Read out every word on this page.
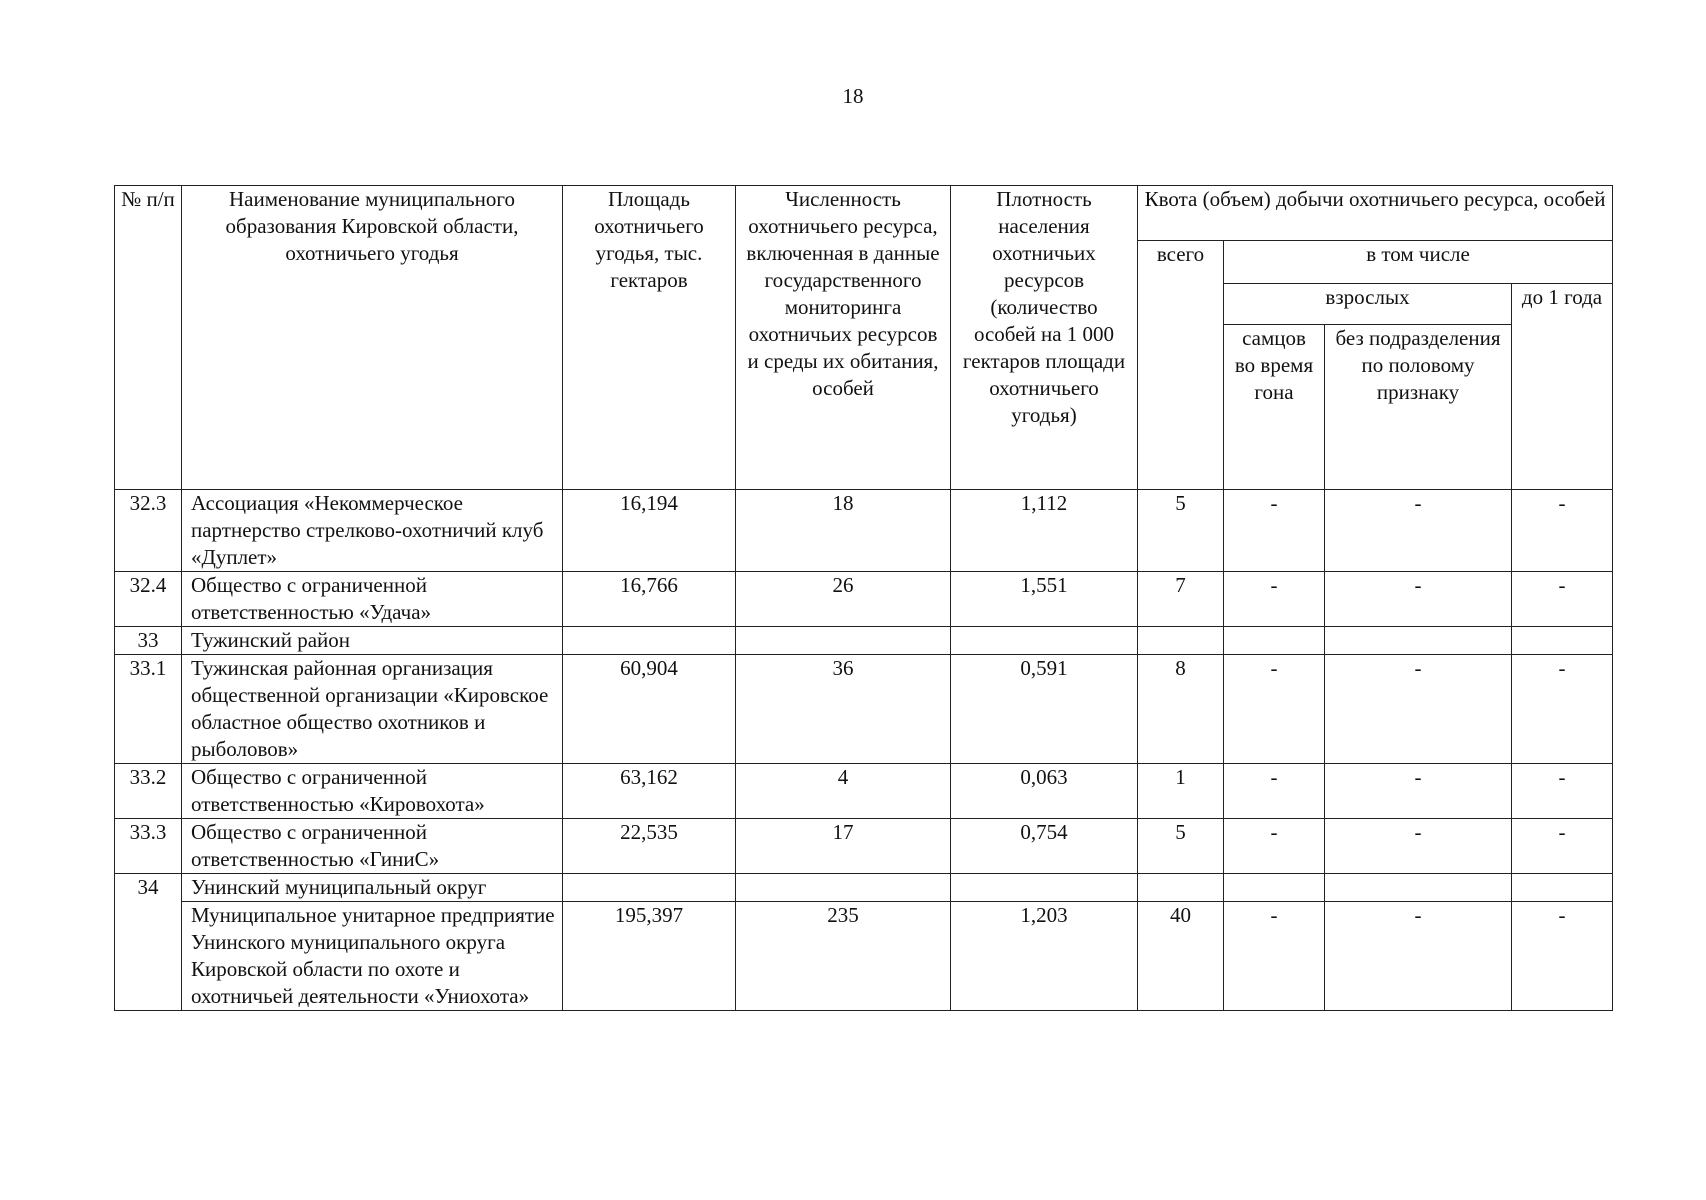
18
№ п/п	Наименование муниципального образования Кировской области, охотничьего угодья	Площадь охотничьего угодья, тыс. гектаров	Численность охотничьего ресурса, включенная в данные государственного мониторинга охотничьих ресурсов и среды их обитания, особей	Плотность населения охотничьих ресурсов (количество особей на 1 000 гектаров площади охотничьего угодья)	Квота (объем) добычи охотничьего ресурса, особей			
					всего	в том числе		
						взрослых		до 1 года
						самцов во время гона	без подразделения по половому признаку	
32.3	Ассоциация «Некоммерческое партнерство стрелково-охотничий клуб «Дуплет»	16,194	18	1,112	5	-	-	-
32.4	Общество с ограниченной ответственностью «Удача»	16,766	26	1,551	7	-	-	-
33	Тужинский район							
33.1	Тужинская районная организация общественной организации «Кировское областное общество охотников и рыболовов»	60,904	36	0,591	8	-	-	-
33.2	Общество с ограниченной ответственностью «Кировохота»	63,162	4	0,063	1	-	-	-
33.3	Общество с ограниченной ответственностью «ГиниС»	22,535	17	0,754	5	-	-	-
34	Унинский муниципальный округ							
	Муниципальное унитарное предприятие Унинского муниципального округа Кировской области по охоте и охотничьей деятельности «Униохота»	195,397	235	1,203	40	-	-	-
